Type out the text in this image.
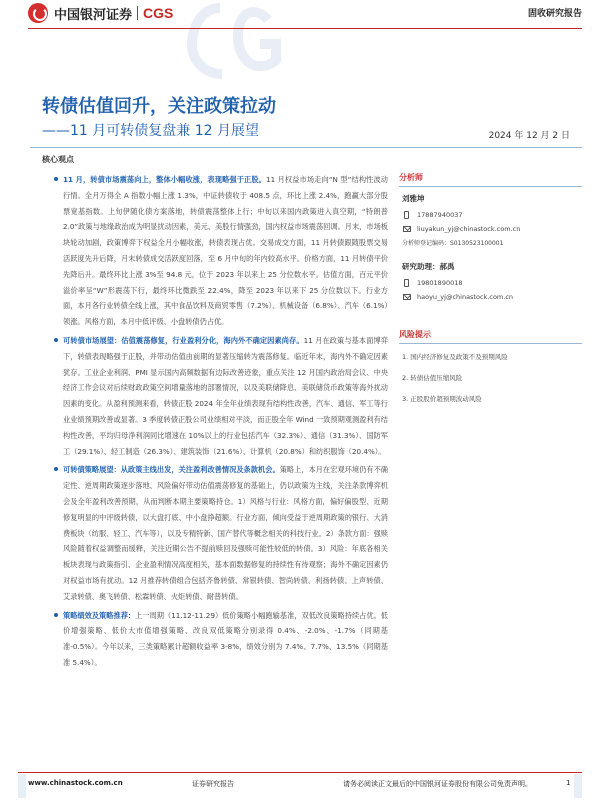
中国银河证券 CGS	固收研究报告
转债估值回升，关注政策拉动
——11 月可转债复盘兼 12 月展望	2024 年 12 月 2 日
核心观点

11 月，转债市场震荡向上，整体小幅收涨，表现略强于正股。11 月权益市场走向“N 型”结构性波动行情。全月万得全 A 指数小幅上涨 1.3%，中证转债收于 408.5 点，环比上涨 2.4%，跑赢大部分股票宽基指数。上旬伊随化债方案落地，转债震荡整体上行；中旬以来国内政策进入真空期，“特朗普 2.0”政策与地缘政治成为明显扰动因素，美元、美股行情强劲，国内权益市场震荡回调。月末，市场板块轮动加剧，政策博弈下权益全月小幅收涨，转债表现占优。交易成交方面，11 月转债跟随股票交易活跃度先升后降，月末转债成交活跃度回落，至 6 月中旬的年内较高水平。价格方面，11 月转债平价先降后升。最终环比上涨 3%至 94.8 元，位于 2023 年以来上 25 分位数水平。估值方面，百元平价溢价率呈“W”形震荡下行，最终环比微跌至 22.4%，降至 2023 年以来下 25 分位数以下。行业方面，本月各行业转债全线上涨，其中食品饮料及商贸零售（7.2%）、机械设备（6.8%）、汽车（6.1%）领涨。风格方面，本月中低评级、小盘转债仍占优。

可转债市场展望：估值震荡修复，行业盈利分化，海内外不确定因素尚存。11 月在政策与基本面博弈下，转债表现略强于正股，并带动估值由前期的显著压缩转为震荡修复。临近年末，海内外不确定因素犹存。工业企业利润、PMI 显示国内高频数据有边际改善迹象，重点关注 12 月国内政治局会议、中央经济工作会议对后续财政政策空间增量落地的部署情况，以及美联储降息、美联储货币政策等海外扰动因素的变化。从盈利预测来看，转债正股 2024 年全年业绩表现有结构性改善，汽车、通信、军工等行业业绩预期改善或显著。3 季度转债正股公司业绩相对平淡，而正股全年 Wind 一致预期观测盈利有结构性改善，平均归母净利润同比增速在 10%以上的行业包括汽车（32.3%）、通信（31.3%）、国防军工（29.1%）、轻工制造（26.3%）、建筑装饰（21.6%）、计算机（20.8%）和纺织服饰（20.4%）。

可转债策略展望：从政策主线出发，关注盈利改善情况及条款机会。策略上，本月在宏观环境仍有不确定性、逆周期政策逐步落地、风险偏好带动估值震荡修复的基础上，仍以政策为主线，关注条款博弈机会及全年盈利改善预期，从而判断本期主要策略持仓。1）风格与行业：风格方面，偏好偏股型、近期修复明显的中评级转债，以大盘打底、中小盘挣超额。行业方面，倾向受益于逆周期政策的银行、大消费板块（纺服、轻工、汽车等），以及专精特新、国产替代等概念相关的科技行业。2）条款方面：强赎风险随着权益调整而缓释，关注近期公告不提前赎回及强赎可能性较低的转债。3）风险：年底各相关板块表现与政策指引、企业盈利情况高度相关，基本面数据修复的持续性有待观察；海外不确定因素仍对权益市场有扰动。12 月推荐转债组合包括齐鲁转债、常银转债、智尚转债、利扬转债、上声转债、艾录转债、奥飞转债、松霖转债、火炬转债、耐普转债。

策略绩效及策略推荐：上一周期（11.12-11.29）低价策略小幅跑输基准，双低改良策略持续占优。低价增强策略、低价大市值增强策略、改良双低策略分别录得 0.4%、-2.0%、-1.7%（同期基准-0.5%）。今年以来，三类策略累计超额收益率 3-8%，绩效分别为 7.4%、7.7%、13.5%（同期基准 5.4%）。

分析师
刘雅坤
17887940037
liuyakun_yj@chinastock.com.cn
分析师登记编码：S0130523100001
研究助理：郝禹
19801890018
haoyu_yj@chinastock.com.cn
风险提示
1. 国内经济修复及政策不及预期风险
2. 转债估值压缩风险
3. 正股股价超预期波动风险
www.chinastock.com.cn	证券研究报告	请务必阅读正文最后的中国银河证券股份有限公司免责声明。	1
